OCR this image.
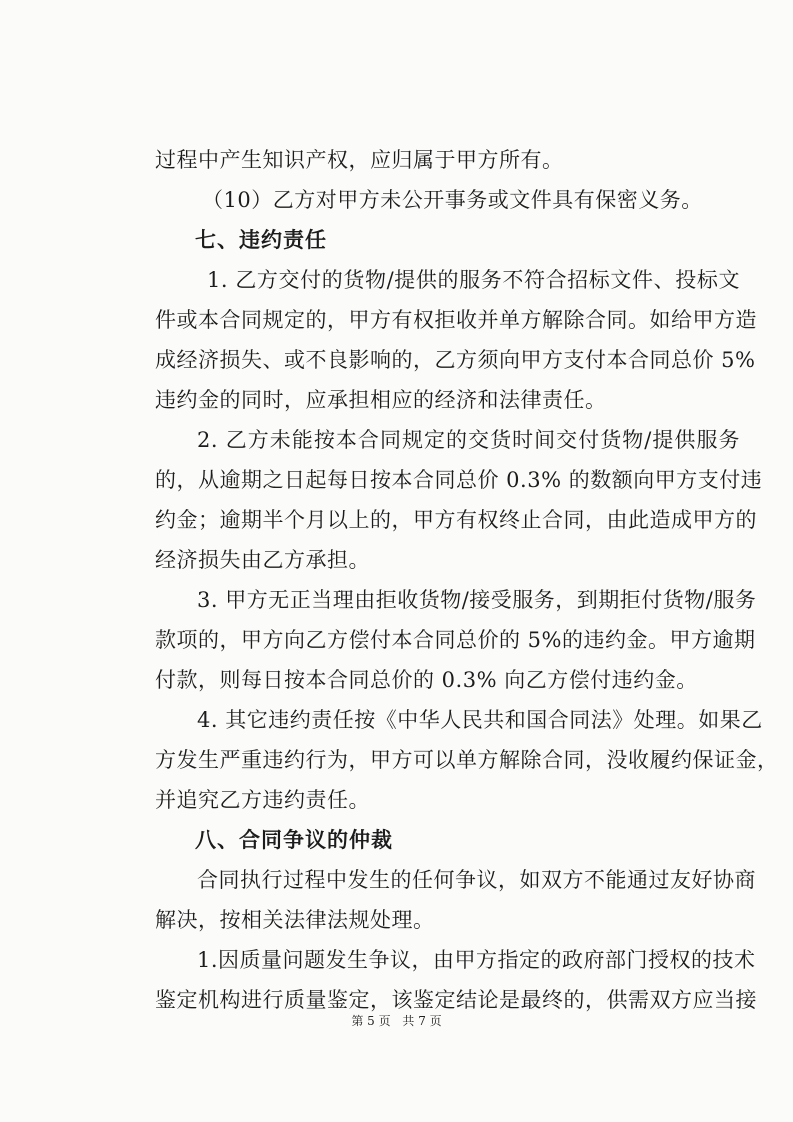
过程中产生知识产权，应归属于甲方所有。
（10）乙方对甲方未公开事务或文件具有保密义务。
七、违约责任
1. 乙方交付的货物/提供的服务不符合招标文件、投标文
件或本合同规定的，甲方有权拒收并单方解除合同。如给甲方造
成经济损失、或不良影响的，乙方须向甲方支付本合同总价 5%
违约金的同时，应承担相应的经济和法律责任。
2. 乙方未能按本合同规定的交货时间交付货物/提供服务
的，从逾期之日起每日按本合同总价 0.3% 的数额向甲方支付违
约金；逾期半个月以上的，甲方有权终止合同，由此造成甲方的
经济损失由乙方承担。
3. 甲方无正当理由拒收货物/接受服务，到期拒付货物/服务
款项的，甲方向乙方偿付本合同总价的 5%的违约金。甲方逾期
付款，则每日按本合同总价的 0.3% 向乙方偿付违约金。
4. 其它违约责任按《中华人民共和国合同法》处理。如果乙
方发生严重违约行为，甲方可以单方解除合同，没收履约保证金，
并追究乙方违约责任。
八、合同争议的仲裁
合同执行过程中发生的任何争议，如双方不能通过友好协商
解决，按相关法律法规处理。
1.因质量问题发生争议，由甲方指定的政府部门授权的技术
鉴定机构进行质量鉴定，该鉴定结论是最终的，供需双方应当接
第 5 页 共 7 页
